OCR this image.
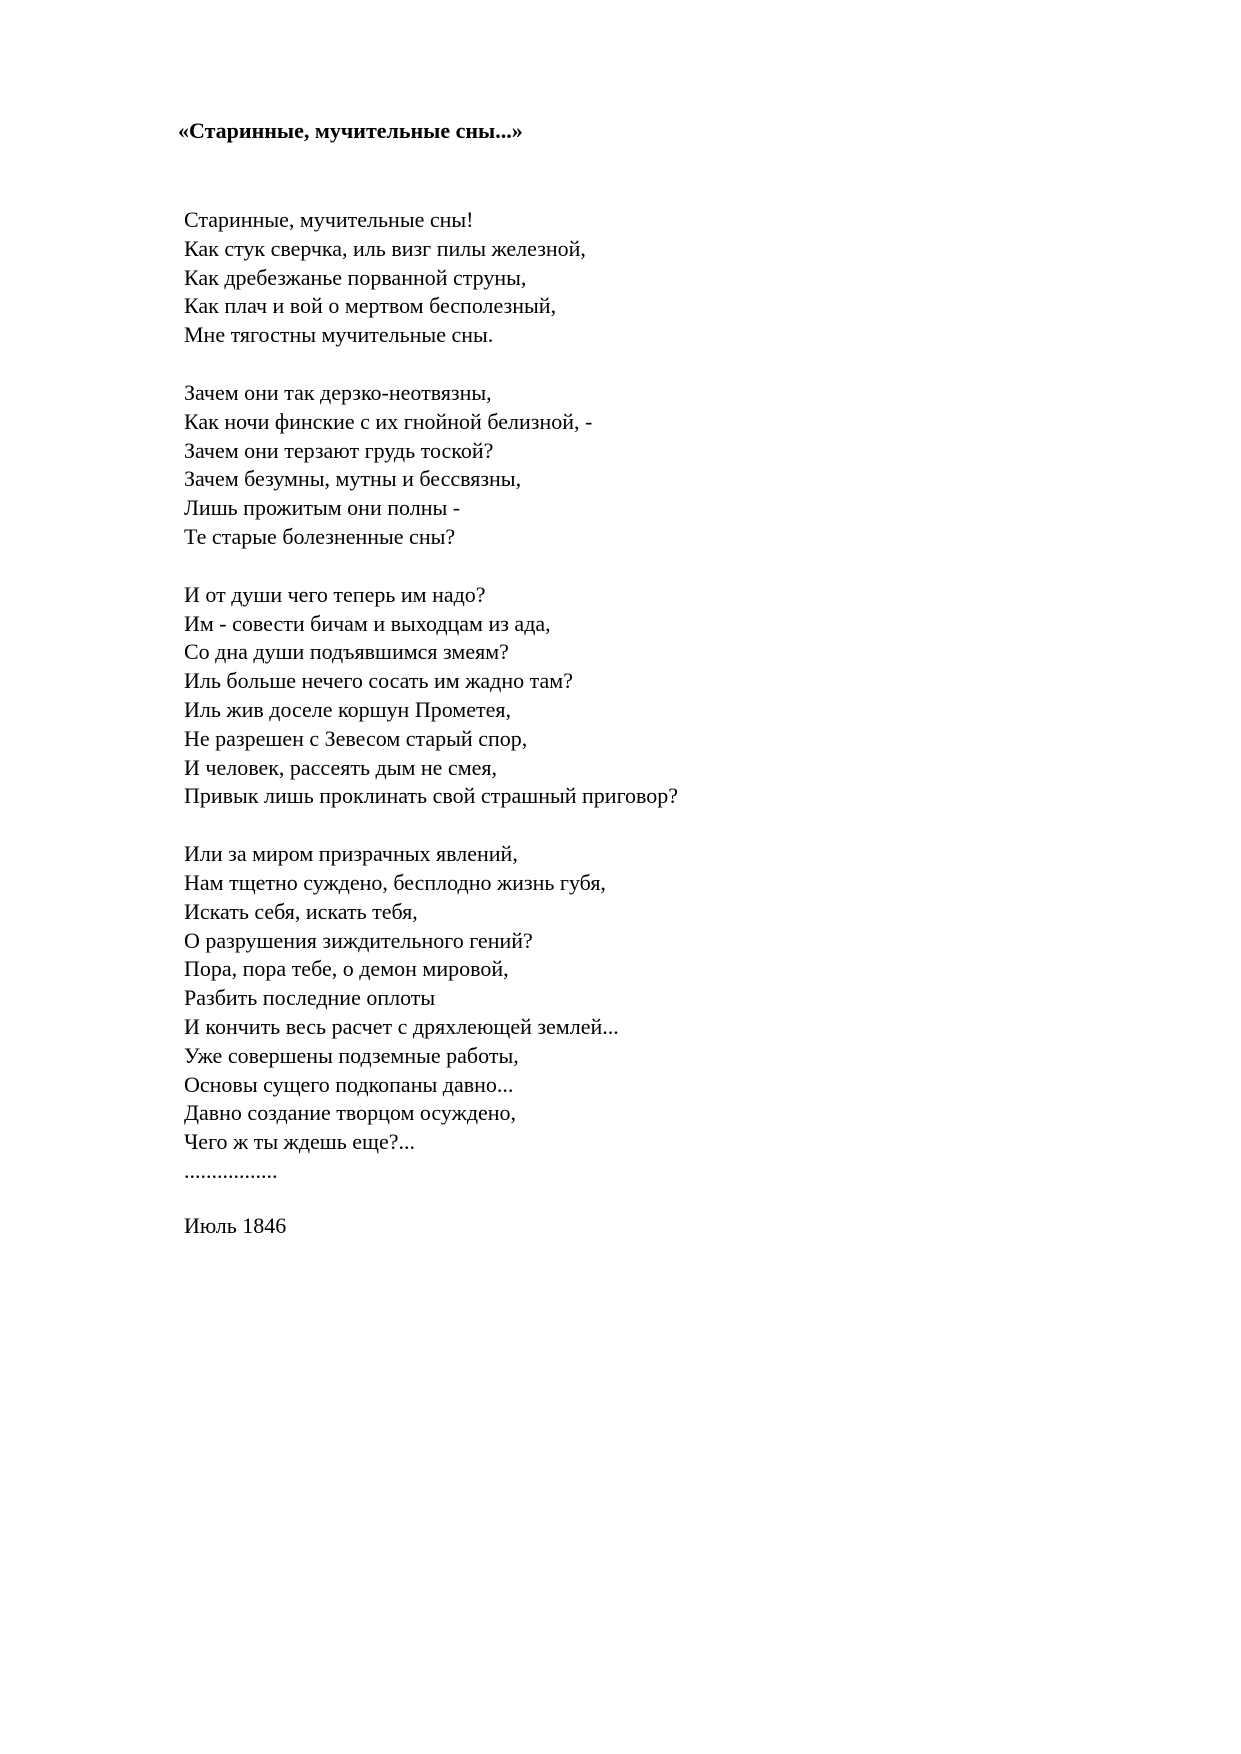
«Старинные, мучительные сны...»
Старинные, мучительные сны!
Как стук сверчка, иль визг пилы железной,
Как дребезжанье порванной струны,
Как плач и вой о мертвом бесполезный,
Мне тягостны мучительные сны.
Зачем они так дерзко-неотвязны,
Как ночи финские с их гнойной белизной, -
Зачем они терзают грудь тоской?
Зачем безумны, мутны и бессвязны,
Лишь прожитым они полны -
Те старые болезненные сны?
И от души чего теперь им надо?
Им - совести бичам и выходцам из ада,
Со дна души подъявшимся змеям?
Иль больше нечего сосать им жадно там?
Иль жив доселе коршун Прометея,
Не разрешен с Зевесом старый спор,
И человек, рассеять дым не смея,
Привык лишь проклинать свой страшный приговор?
Или за миром призрачных явлений,
Нам тщетно суждено, бесплодно жизнь губя,
Искать себя, искать тебя,
О разрушения зиждительного гений?
Пора, пора тебе, о демон мировой,
Разбить последние оплоты
И кончить весь расчет с дряхлеющей землей...
Уже совершены подземные работы,
Основы сущего подкопаны давно...
Давно создание творцом осуждено,
Чего ж ты ждешь еще?...
.................
Июль 1846
